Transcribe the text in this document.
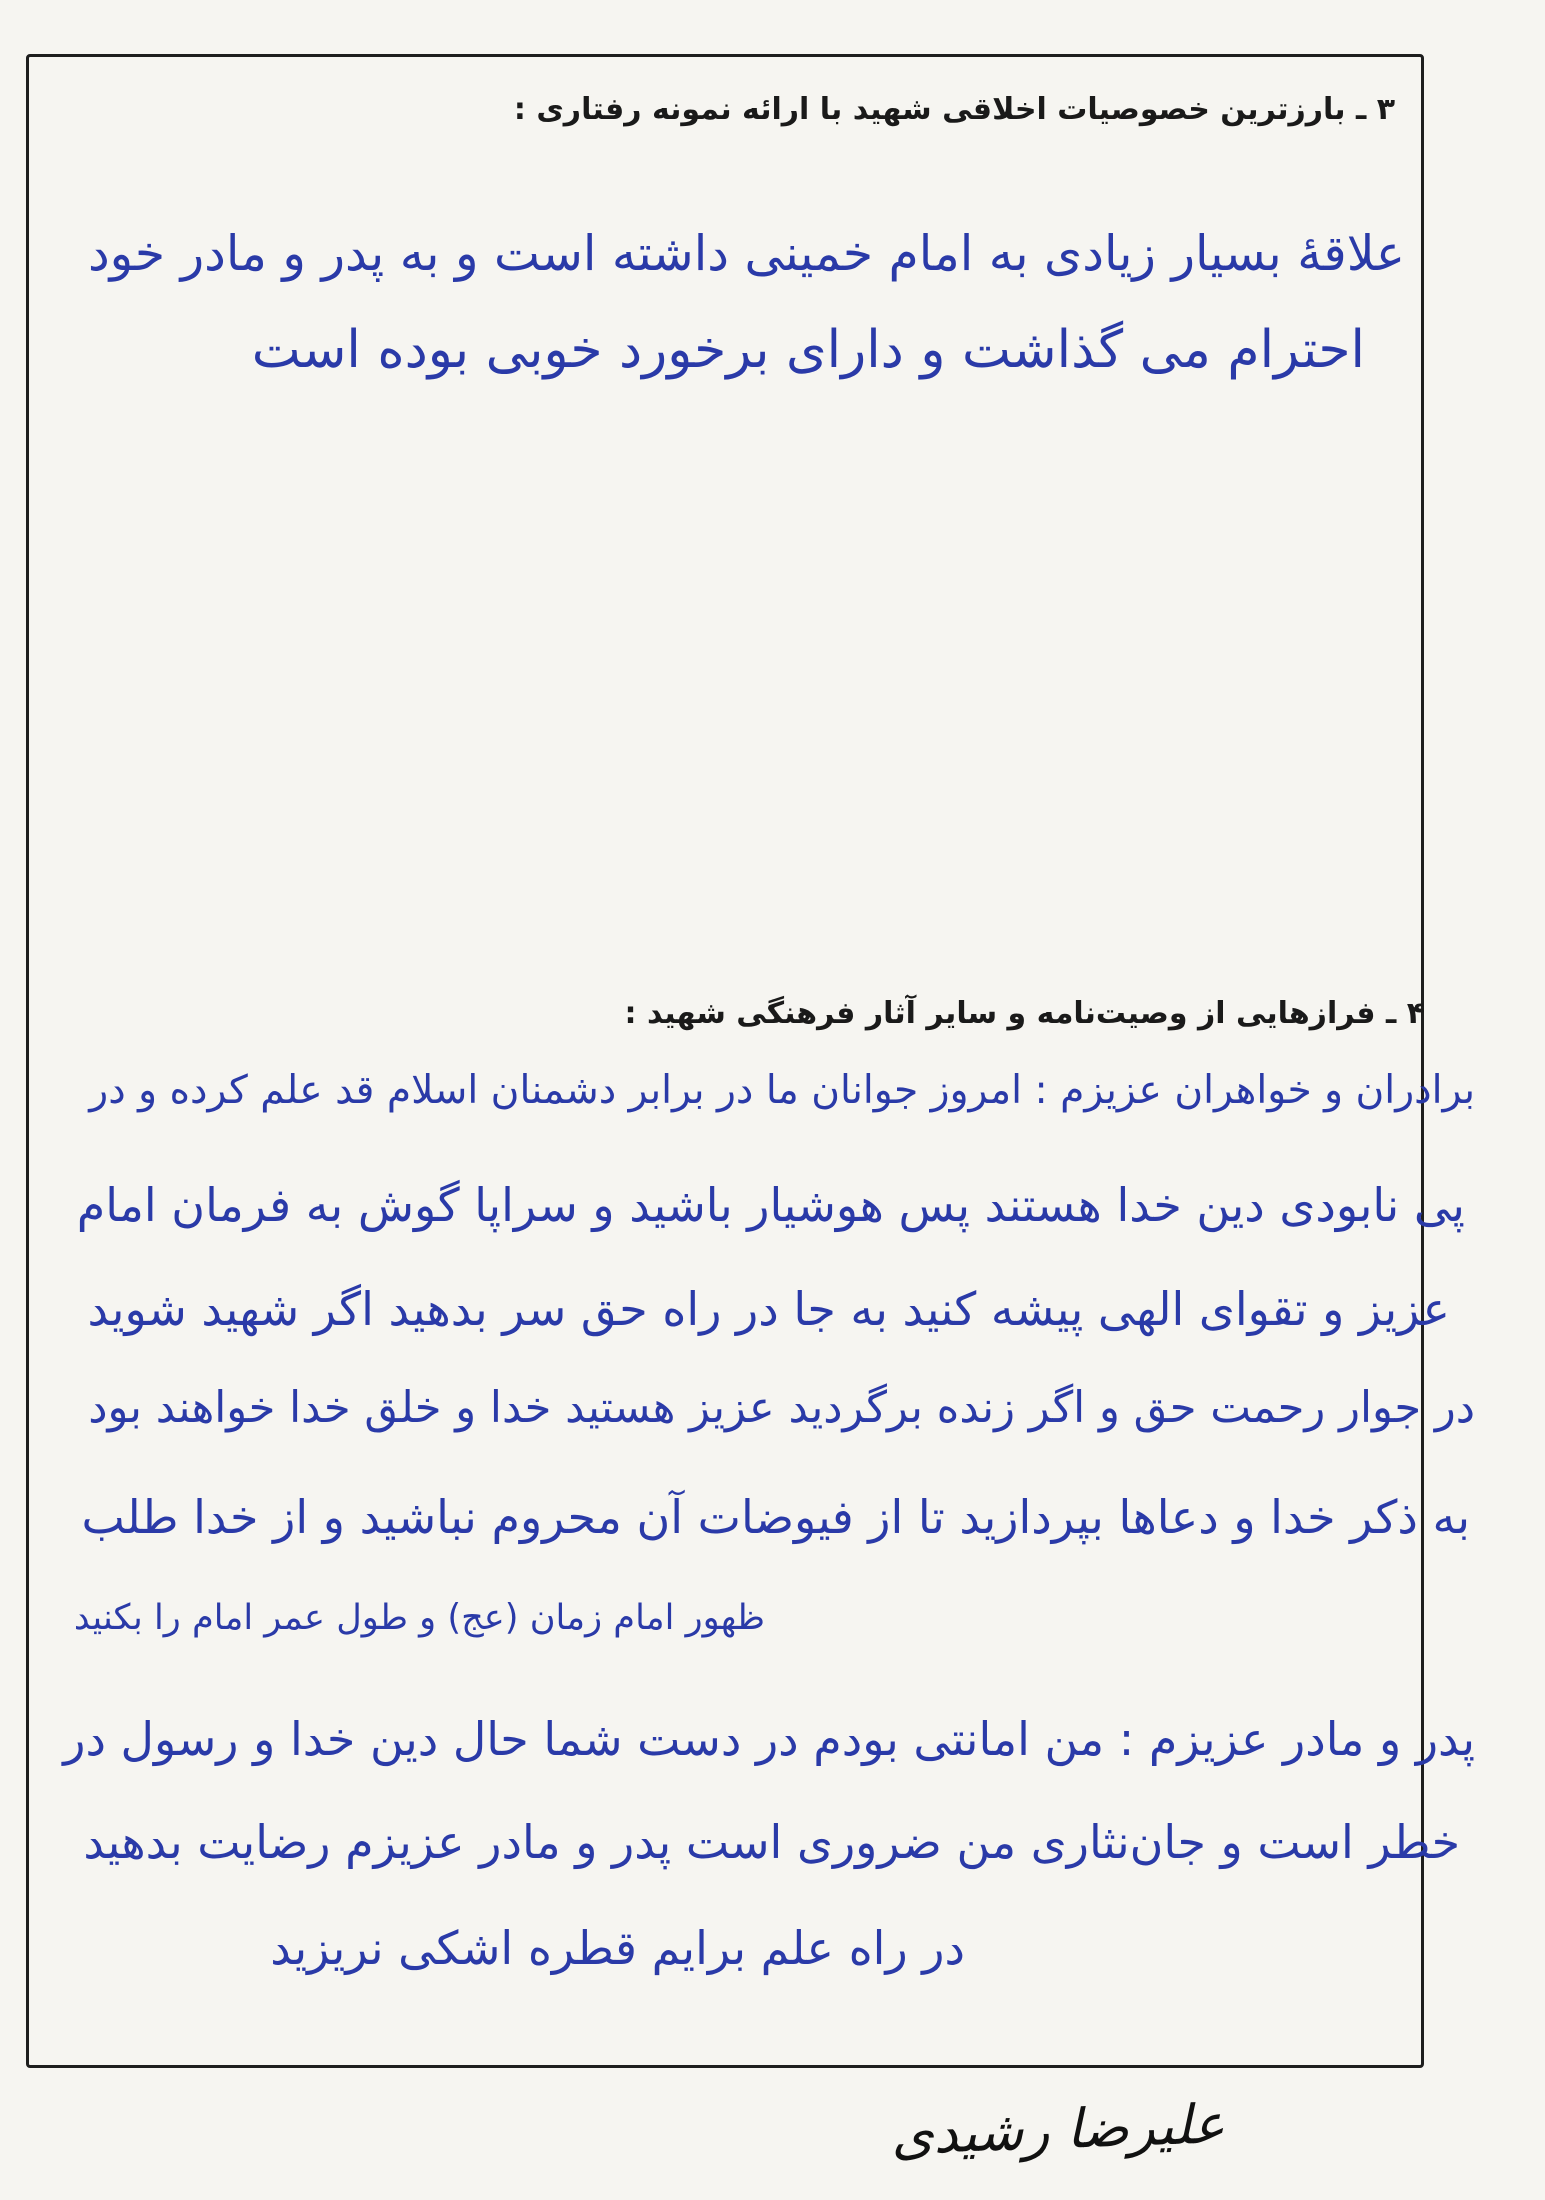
۳ ـ بارزترین خصوصیات اخلاقی شهید با ارائه نمونه رفتاری :
علاقهٔ بسیار زیادی به امام خمینی داشته است و به پدر و مادر خود
احترام می گذاشت و دارای برخورد خوبی بوده است
۴ ـ فرازهایی از وصیت‌نامه و سایر آثار فرهنگی شهید :
برادران و خواهران عزیزم : امروز جوانان ما در برابر دشمنان اسلام قد علم کرده و در
پی نابودی دین خدا هستند پس هوشیار باشید و سراپا گوش به فرمان امام
عزیز و تقوای الهی پیشه کنید به جا در راه حق سر بدهید اگر شهید شوید
در جوار رحمت حق و اگر زنده برگردید عزیز هستید خدا و خلق خدا خواهند بود
به ذکر خدا و دعاها بپردازید تا از فیوضات آن محروم نباشید و از خدا طلب
ظهور امام زمان (عج) و طول عمر امام را بکنید
پدر و مادر عزیزم : من امانتی بودم در دست شما حال دین خدا و رسول در
خطر است و جان‌نثاری من ضروری است پدر و مادر عزیزم رضایت بدهید
در راه علم برایم قطره اشکی نریزید
علیرضا رشیدی
